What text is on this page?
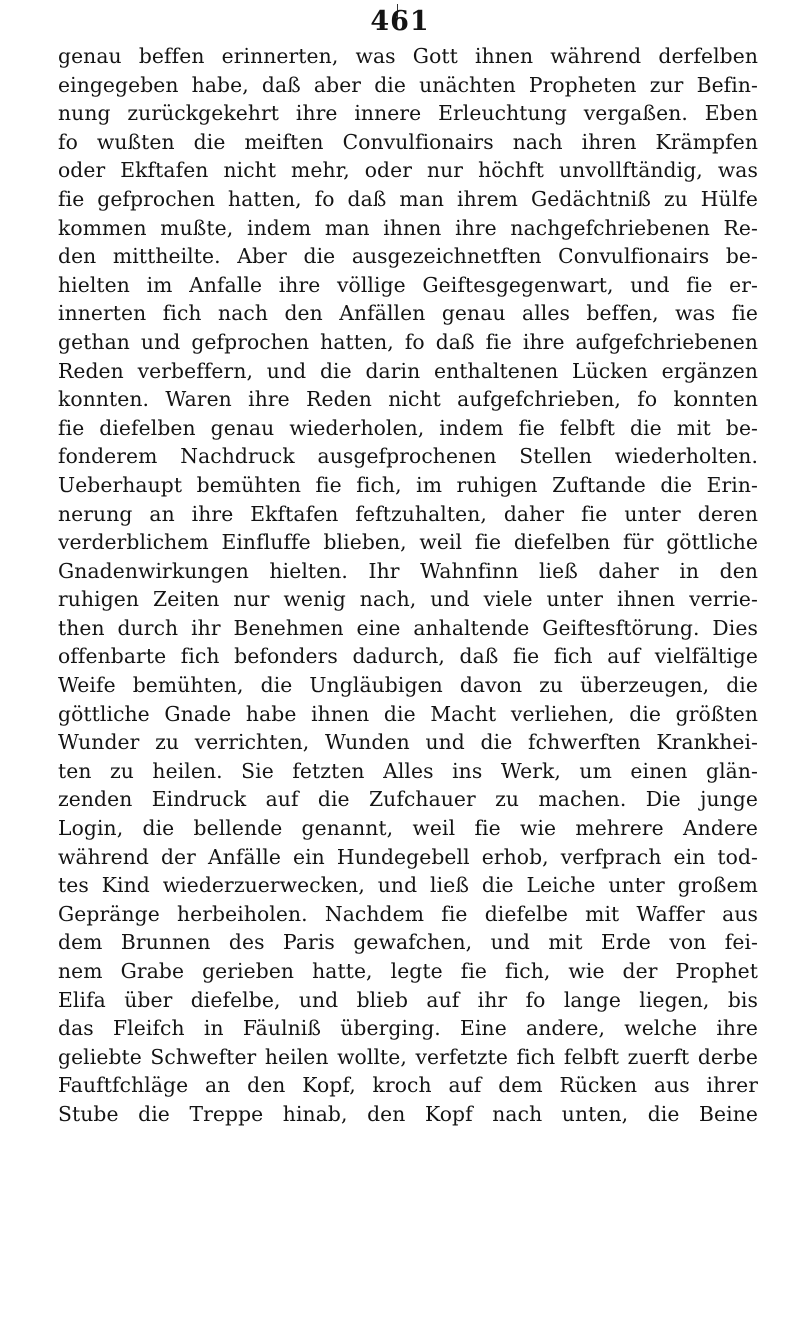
461
genau beffen erinnerten, was Gott ihnen während derfelben
eingegeben habe, daß aber die unächten Propheten zur Befin-
nung zurückgekehrt ihre innere Erleuchtung vergaßen. Eben
fo wußten die meiften Convulfionairs nach ihren Krämpfen
oder Ekftafen nicht mehr, oder nur höchft unvollftändig, was
fie gefprochen hatten, fo daß man ihrem Gedächtniß zu Hülfe
kommen mußte, indem man ihnen ihre nachgefchriebenen Re-
den mittheilte. Aber die ausgezeichnetften Convulfionairs be-
hielten im Anfalle ihre völlige Geiftesgegenwart, und fie er-
innerten fich nach den Anfällen genau alles beffen, was fie
gethan und gefprochen hatten, fo daß fie ihre aufgefchriebenen
Reden verbeffern, und die darin enthaltenen Lücken ergänzen
konnten. Waren ihre Reden nicht aufgefchrieben, fo konnten
fie diefelben genau wiederholen, indem fie felbft die mit be-
fonderem Nachdruck ausgefprochenen Stellen wiederholten.
Ueberhaupt bemühten fie fich, im ruhigen Zuftande die Erin-
nerung an ihre Ekftafen feftzuhalten, daher fie unter deren
verderblichem Einfluffe blieben, weil fie diefelben für göttliche
Gnadenwirkungen hielten. Ihr Wahnfinn ließ daher in den
ruhigen Zeiten nur wenig nach, und viele unter ihnen verrie-
then durch ihr Benehmen eine anhaltende Geiftesftörung. Dies
offenbarte fich befonders dadurch, daß fie fich auf vielfältige
Weife bemühten, die Ungläubigen davon zu überzeugen, die
göttliche Gnade habe ihnen die Macht verliehen, die größten
Wunder zu verrichten, Wunden und die fchwerften Krankhei-
ten zu heilen. Sie fetzten Alles ins Werk, um einen glän-
zenden Eindruck auf die Zufchauer zu machen. Die junge
Login, die bellende genannt, weil fie wie mehrere Andere
während der Anfälle ein Hundegebell erhob, verfprach ein tod-
tes Kind wiederzuerwecken, und ließ die Leiche unter großem
Gepränge herbeiholen. Nachdem fie diefelbe mit Waffer aus
dem Brunnen des Paris gewafchen, und mit Erde von fei-
nem Grabe gerieben hatte, legte fie fich, wie der Prophet
Elifa über diefelbe, und blieb auf ihr fo lange liegen, bis
das Fleifch in Fäulniß überging. Eine andere, welche ihre
geliebte Schwefter heilen wollte, verfetzte fich felbft zuerft derbe
Fauftfchläge an den Kopf, kroch auf dem Rücken aus ihrer
Stube die Treppe hinab, den Kopf nach unten, die Beine
